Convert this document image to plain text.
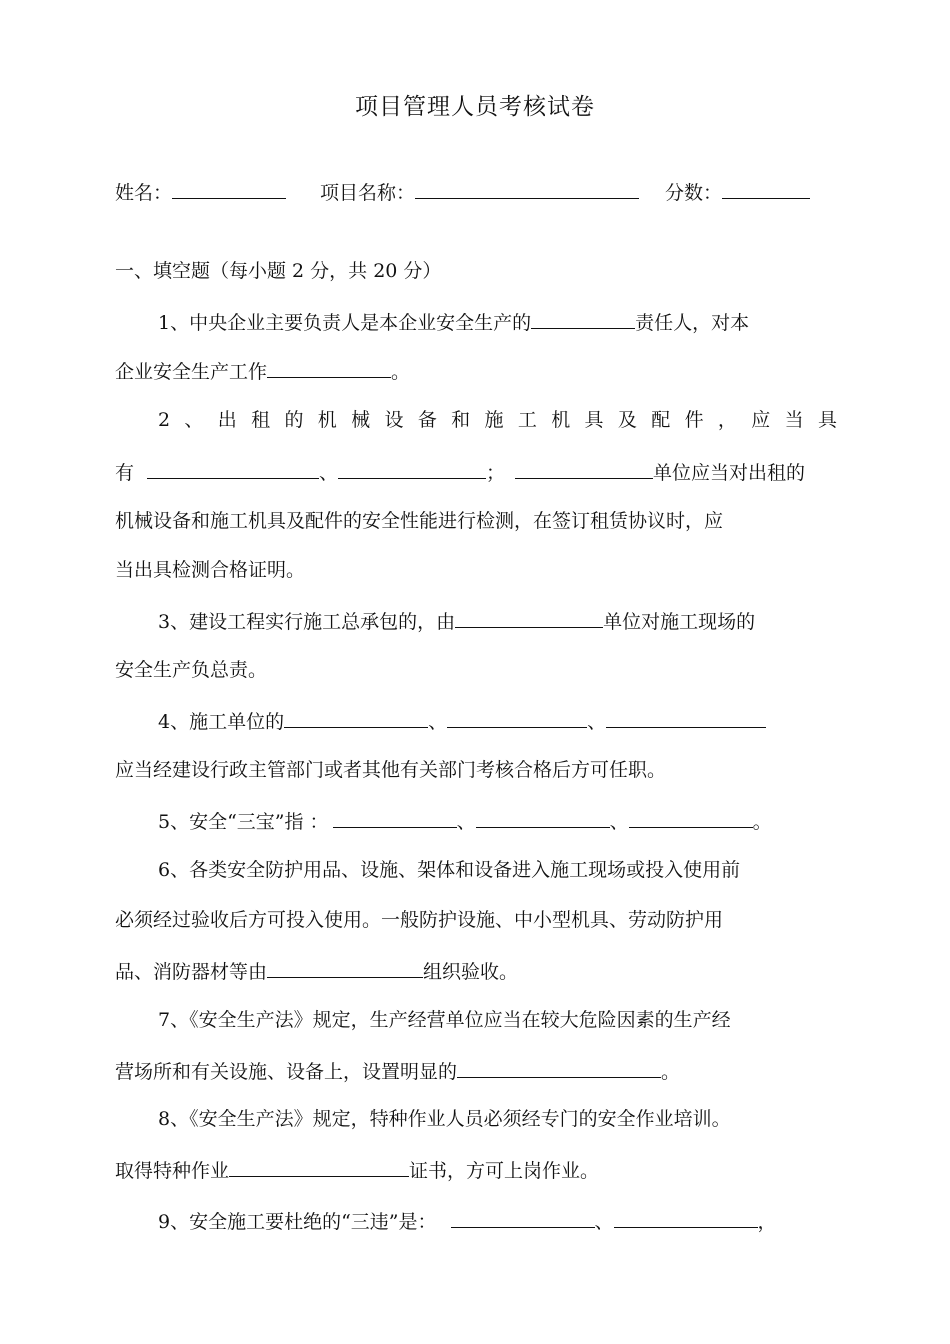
项目管理人员考核试卷
姓名：	项目名称：	分数：
一、填空题（每小题 2 分，共 20 分）
1、中央企业主要负责人是本企业安全生产的	责任人，对本
企业安全生产工作	。
2 、 出 租 的 机 械 设 备 和 施 工 机 具 及 配 件 ， 应 当 具
有	、	；	单位应当对出租的
机械设备和施工机具及配件的安全性能进行检测，在签订租赁协议时，应
当出具检测合格证明。
3、建设工程实行施工总承包的，由	单位对施工现场的
安全生产负总责。
4、施工单位的	、	、
应当经建设行政主管部门或者其他有关部门考核合格后方可任职。
5、安全“三宝”指 ：	、	、	。
6、各类安全防护用品、设施、架体和设备进入施工现场或投入使用前
必须经过验收后方可投入使用。一般防护设施、中小型机具、劳动防护用
品、消防器材等由	组织验收。
7、《安全生产法》规定，生产经营单位应当在较大危险因素的生产经
营场所和有关设施、设备上，设置明显的	。
8、《安全生产法》规定，特种作业人员必须经专门的安全作业培训。
取得特种作业	证书，方可上岗作业。
9、安全施工要杜绝的“三违”是：	、	，
